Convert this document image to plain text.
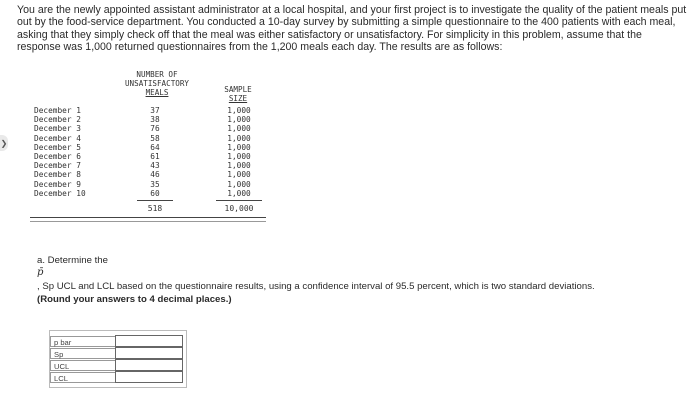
❯
You are the newly appointed assistant administrator at a local hospital, and your first project is to investigate the quality of the patient meals put out by the food-service department. You conducted a 10-day survey by submitting a simple questionnaire to the 400 patients with each meal, asking that they simply check off that the meal was either satisfactory or unsatisfactory. For simplicity in this problem, assume that the response was 1,000 returned questionnaires from the 1,200 meals each day. The results are as follows:
NUMBER OF
UNSATISFACTORY
MEALS	SAMPLE
SIZE
December 1
December 2
December 3
December 4
December 5
December 6
December 7
December 8
December 9
December 10
37
38
76
58
64
61
43
46
35
60
1,000
1,000
1,000
1,000
1,000
1,000
1,000
1,000
1,000
1,000
518	10,000
a. Determine the
p̄
, Sp UCL and LCL based on the questionnaire results, using a confidence interval of 95.5 percent, which is two standard deviations.
(Round your answers to 4 decimal places.)
p bar
Sp
UCL
LCL
